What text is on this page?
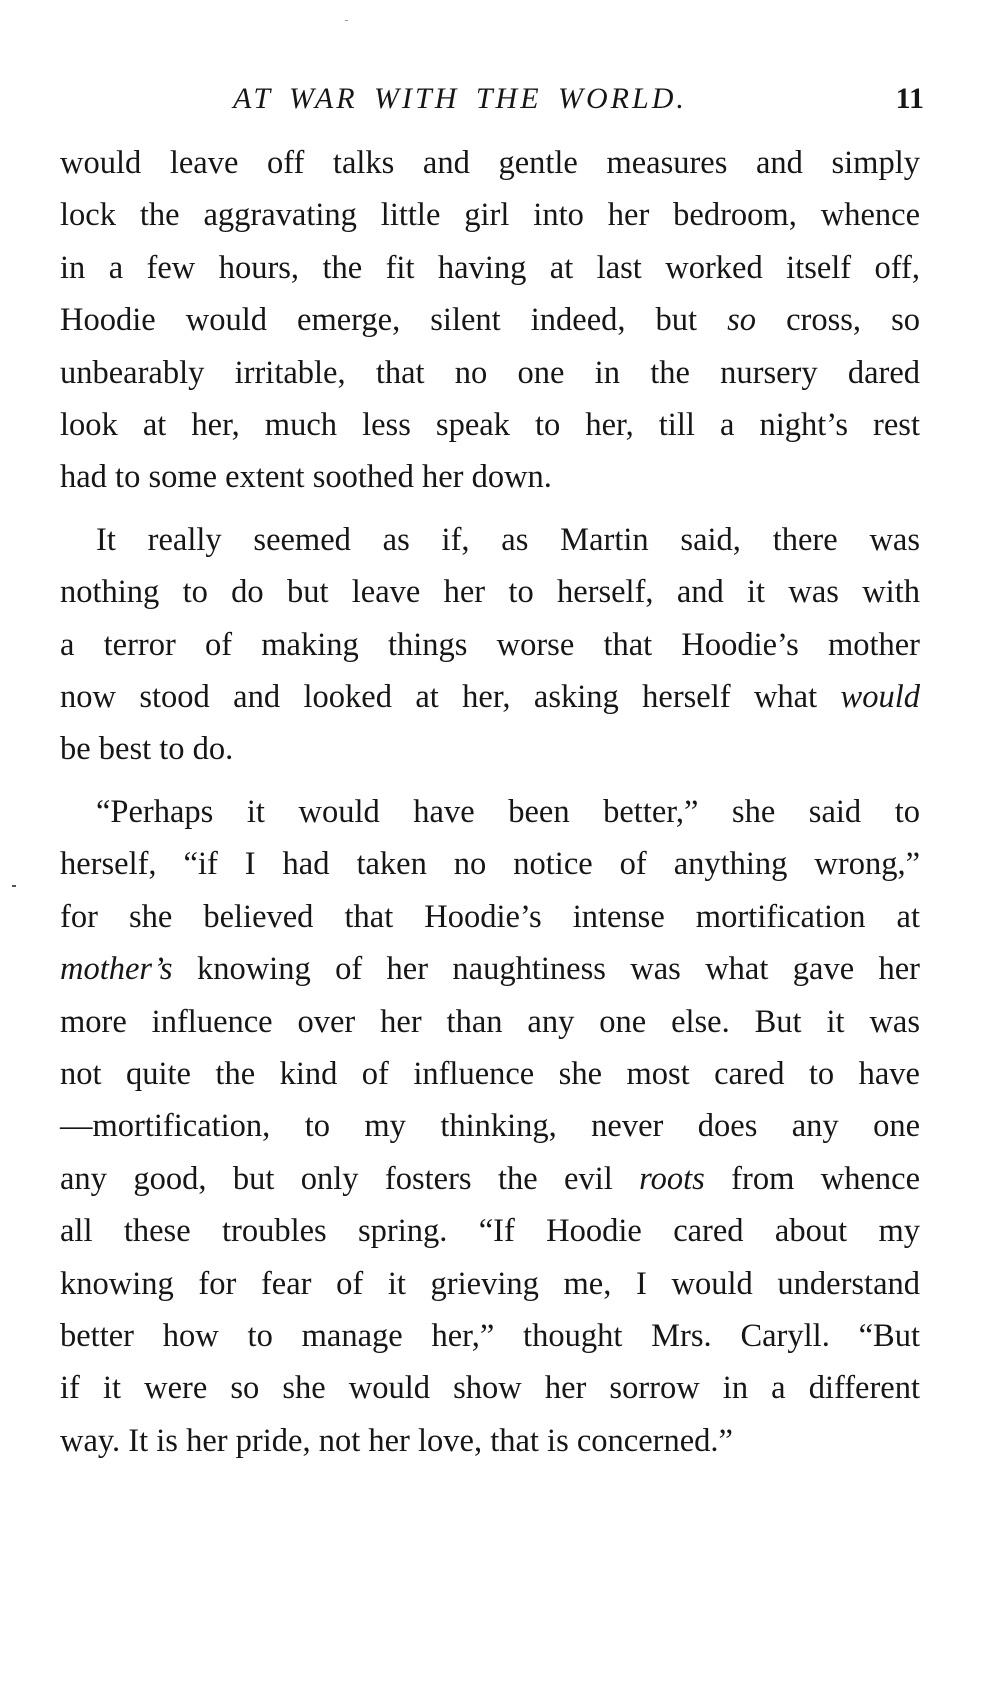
AT WAR WITH THE WORLD.	11
would leave off talks and gentle measures and simply
lock the aggravating little girl into her bedroom, whence
in a few hours, the fit having at last worked itself off,
Hoodie would emerge, silent indeed, but so cross, so
unbearably irritable, that no one in the nursery dared
look at her, much less speak to her, till a night’s rest
had to some extent soothed her down.
It really seemed as if, as Martin said, there was
nothing to do but leave her to herself, and it was with
a terror of making things worse that Hoodie’s mother
now stood and looked at her, asking herself what would
be best to do.
“Perhaps it would have been better,” she said to
herself, “if I had taken no notice of anything wrong,”
for she believed that Hoodie’s intense mortification at
mother’s knowing of her naughtiness was what gave her
more influence over her than any one else. But it was
not quite the kind of influence she most cared to have
—mortification, to my thinking, never does any one
any good, but only fosters the evil roots from whence
all these troubles spring. “If Hoodie cared about my
knowing for fear of it grieving me, I would understand
better how to manage her,” thought Mrs. Caryll. “But
if it were so she would show her sorrow in a different
way. It is her pride, not her love, that is concerned.”
